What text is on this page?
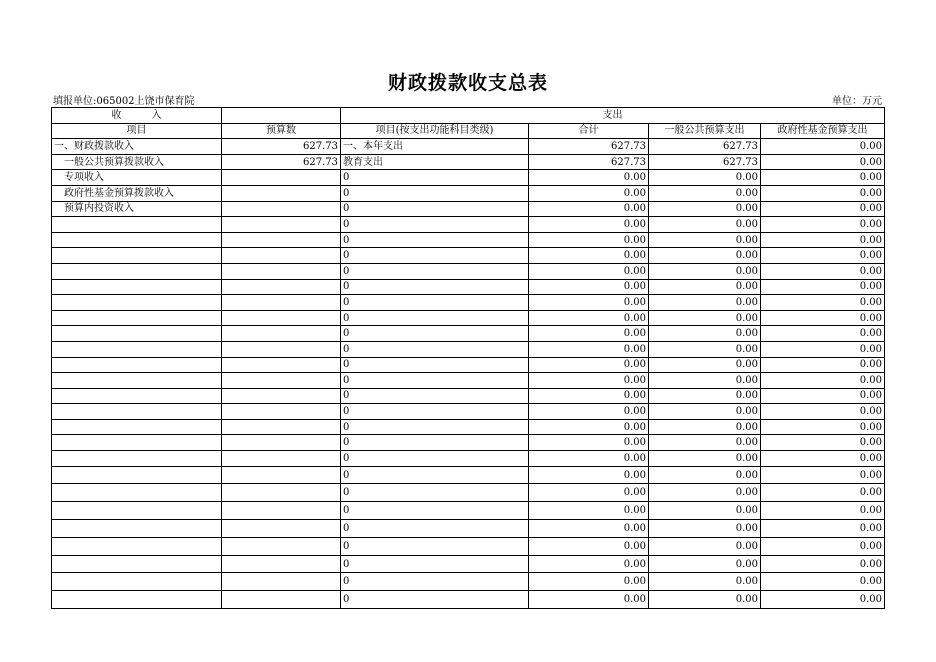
财政拨款收支总表
填报单位:065002上饶市保育院	单位：万元
收　　　入		支出			
项目	预算数	项目(按支出功能科目类级)	合计	一般公共预算支出	政府性基金预算支出
一、财政拨款收入	627.73	一、本年支出	627.73	627.73	0.00
一般公共预算拨款收入	627.73	教育支出	627.73	627.73	0.00
专项收入		0	0.00	0.00	0.00
政府性基金预算拨款收入		0	0.00	0.00	0.00
预算内投资收入		0	0.00	0.00	0.00
		0	0.00	0.00	0.00
		0	0.00	0.00	0.00
		0	0.00	0.00	0.00
		0	0.00	0.00	0.00
		0	0.00	0.00	0.00
		0	0.00	0.00	0.00
		0	0.00	0.00	0.00
		0	0.00	0.00	0.00
		0	0.00	0.00	0.00
		0	0.00	0.00	0.00
		0	0.00	0.00	0.00
		0	0.00	0.00	0.00
		0	0.00	0.00	0.00
		0	0.00	0.00	0.00
		0	0.00	0.00	0.00
		0	0.00	0.00	0.00
		0	0.00	0.00	0.00
		0	0.00	0.00	0.00
		0	0.00	0.00	0.00
		0	0.00	0.00	0.00
		0	0.00	0.00	0.00
		0	0.00	0.00	0.00
		0	0.00	0.00	0.00
		0	0.00	0.00	0.00
